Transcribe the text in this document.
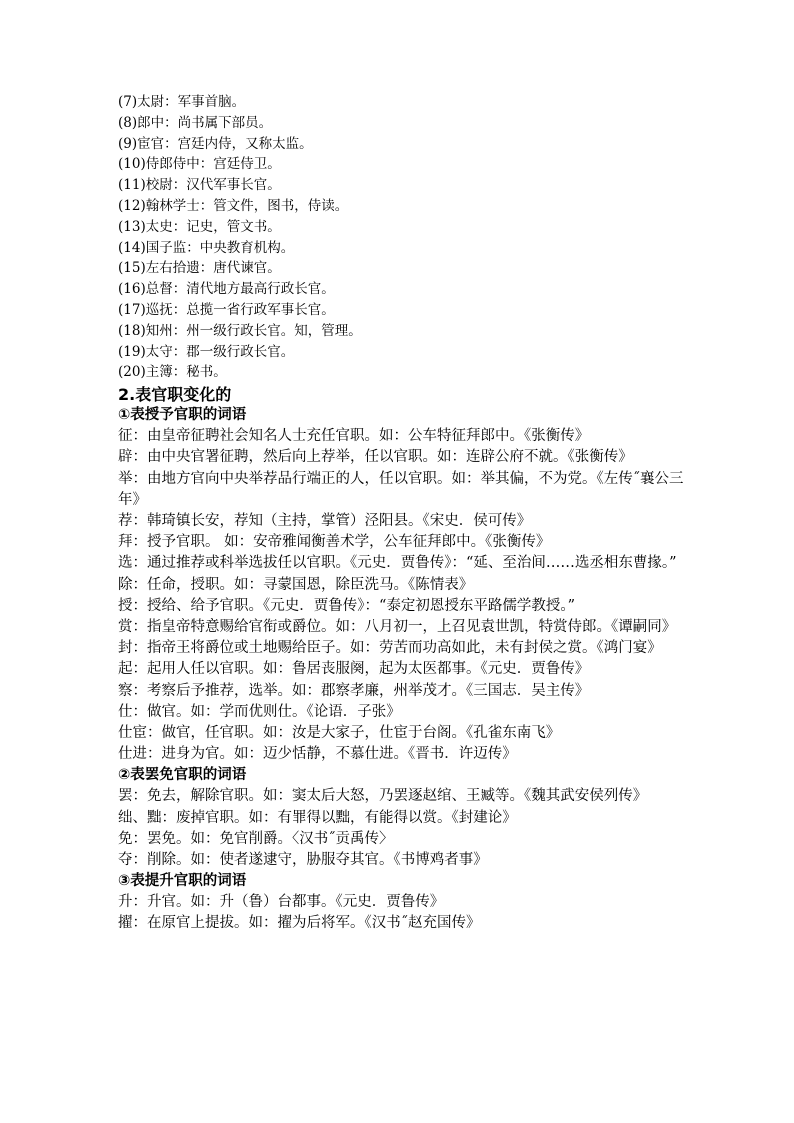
(7)太尉：军事首脑。
(8)郎中：尚书属下部员。
(9)宦官：宫廷内侍，又称太监。
(10)侍郎侍中：宫廷侍卫。
(11)校尉：汉代军事长官。
(12)翰林学士：管文件，图书，侍读。
(13)太史：记史，管文书。
(14)国子监：中央教育机构。
(15)左右拾遗：唐代谏官。
(16)总督：清代地方最高行政长官。
(17)巡抚：总揽一省行政军事长官。
(18)知州：州一级行政长官。知，管理。
(19)太守：郡一级行政长官。
(20)主簿：秘书。
2.表官职变化的
①表授予官职的词语
征：由皇帝征聘社会知名人士充任官职。如：公车特征拜郎中。《张衡传》
辟：由中央官署征聘，然后向上荐举，任以官职。如：连辟公府不就。《张衡传》
举：由地方官向中央举荐品行端正的人，任以官职。如：举其偏，不为党。《左传˝襄公三年》
荐：韩琦镇长安，荐知（主持，掌管）泾阳县。《宋史．侯可传》
拜：授予官职。 如：安帝雅闻衡善术学，公车征拜郎中。《张衡传》
选：通过推荐或科举选拔任以官职。《元史．贾鲁传》：“延、至治间……选丞相东曹掾。”
除：任命，授职。如：寻蒙国恩，除臣洗马。《陈情表》
授：授给、给予官职。《元史．贾鲁传》：“泰定初恩授东平路儒学教授。”
赏：指皇帝特意赐给官衔或爵位。如：八月初一，上召见袁世凯，特赏侍郎。《谭嗣同》
封：指帝王将爵位或土地赐给臣子。如：劳苦而功高如此，未有封侯之赏。《鸿门宴》
起：起用人任以官职。如：鲁居丧服阕，起为太医都事。《元史．贾鲁传》
察：考察后予推荐，选举。如：郡察孝廉，州举茂才。《三国志．吴主传》
仕：做官。如：学而优则仕。《论语．子张》
仕宦：做官，任官职。如：汝是大家子，仕宦于台阁。《孔雀东南飞》
仕进：进身为官。如：迈少恬静，不慕仕进。《晋书．许迈传》
②表罢免官职的词语
罢：免去，解除官职。如：窦太后大怒，乃罢逐赵绾、王臧等。《魏其武安侯列传》
绌、黜：废掉官职。如：有罪得以黜，有能得以赏。《封建论》
免：罢免。如：免官削爵。〈汉书˝贡禹传〉
夺：削除。如：使者遂逮守，胁服夺其官。《书博鸡者事》
③表提升官职的词语
升：升官。如：升（鲁）台都事。《元史．贾鲁传》
擢：在原官上提拔。如：擢为后将军。《汉书˝赵充国传》
